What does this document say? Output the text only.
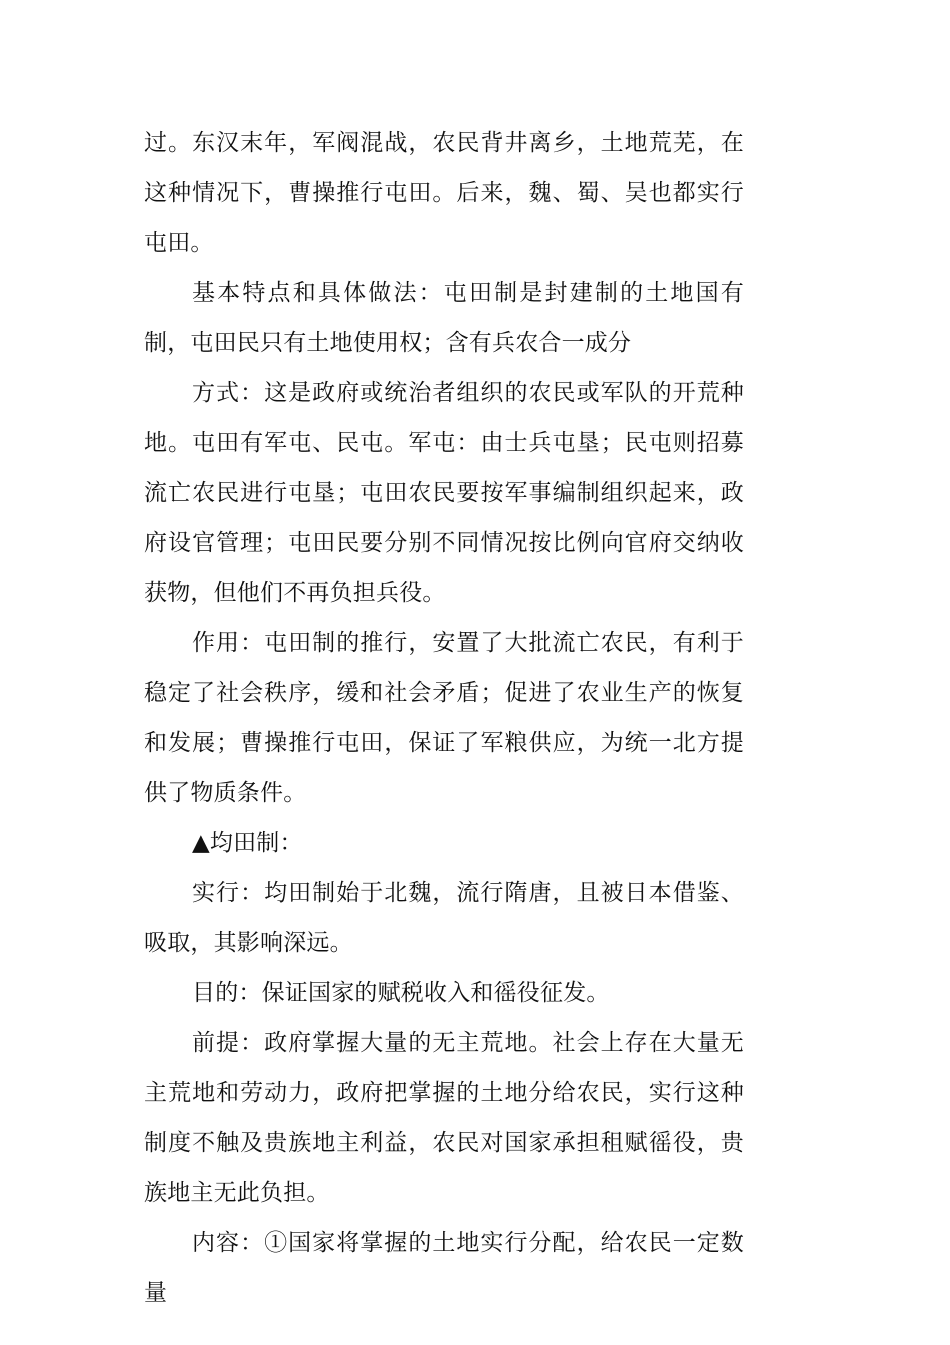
过。东汉末年，军阀混战，农民背井离乡，土地荒芜，在这种情况下，曹操推行屯田。后来，魏、蜀、吴也都实行屯田。

基本特点和具体做法：屯田制是封建制的土地国有制，屯田民只有土地使用权；含有兵农合一成分

方式：这是政府或统治者组织的农民或军队的开荒种地。屯田有军屯、民屯。军屯：由士兵屯垦；民屯则招募流亡农民进行屯垦；屯田农民要按军事编制组织起来，政府设官管理；屯田民要分别不同情况按比例向官府交纳收获物，但他们不再负担兵役。

作用：屯田制的推行，安置了大批流亡农民，有利于稳定了社会秩序，缓和社会矛盾；促进了农业生产的恢复和发展；曹操推行屯田，保证了军粮供应，为统一北方提供了物质条件。

▲均田制：

实行：均田制始于北魏，流行隋唐，且被日本借鉴、吸取，其影响深远。

目的：保证国家的赋税收入和徭役征发。

前提：政府掌握大量的无主荒地。社会上存在大量无主荒地和劳动力，政府把掌握的土地分给农民，实行这种制度不触及贵族地主利益，农民对国家承担租赋徭役，贵族地主无此负担。

内容：①国家将掌握的土地实行分配，给农民一定数量
